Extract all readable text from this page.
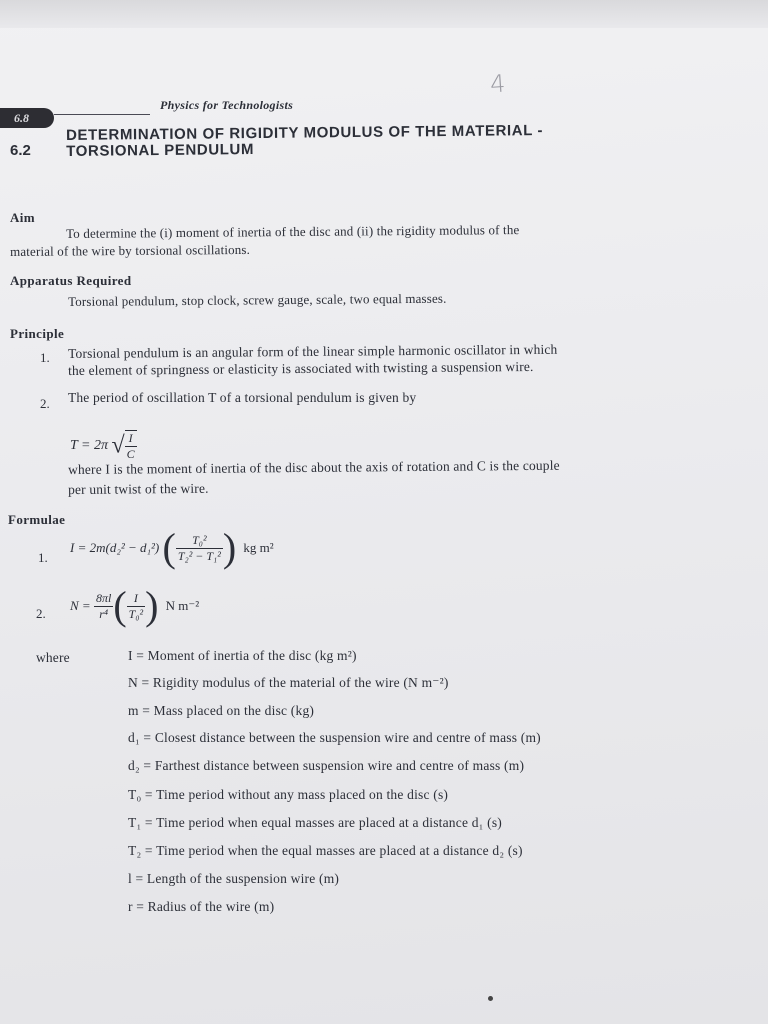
4
6.8
Physics for Technologists
6.2
DETERMINATION OF RIGIDITY MODULUS OF THE MATERIAL -
TORSIONAL PENDULUM
Aim
To determine the (i) moment of inertia of the disc and (ii) the rigidity modulus of the
material of the wire by torsional oscillations.
Apparatus Required
Torsional pendulum, stop clock, screw gauge, scale, two equal masses.
Principle
1. Torsional pendulum is an angular form of the linear simple harmonic oscillator in which
the element of springness or elasticity is associated with twisting a suspension wire.
2. The period of oscillation T of a torsional pendulum is given by
T = 2π √ $\frac{I}{C}$
where I is the moment of inertia of the disc about the axis of rotation and C is the couple
per unit twist of the wire.
Formulae
1.
I = 2m(d₂² − d₁²) ( $\frac{\text{T₀²}}{\text{T₂² − T₁²}}$ ) kg m²
2.
$N = \frac{8\pi l}{\text{r⁴}}$ ( $\frac{I}{\text{T₀²}}$ ) N m⁻²
where	I = Moment of inertia of the disc (kg m²)
N = Rigidity modulus of the material of the wire (N m⁻²)
m = Mass placed on the disc (kg)
d₁ = Closest distance between the suspension wire and centre of mass (m)
d₂ = Farthest distance between suspension wire and centre of mass (m)
T₀ = Time period without any mass placed on the disc (s)
T₁ = Time period when equal masses are placed at a distance d₁ (s)
T₂ = Time period when the equal masses are placed at a distance d₂ (s)
l = Length of the suspension wire (m)
r = Radius of the wire (m)
